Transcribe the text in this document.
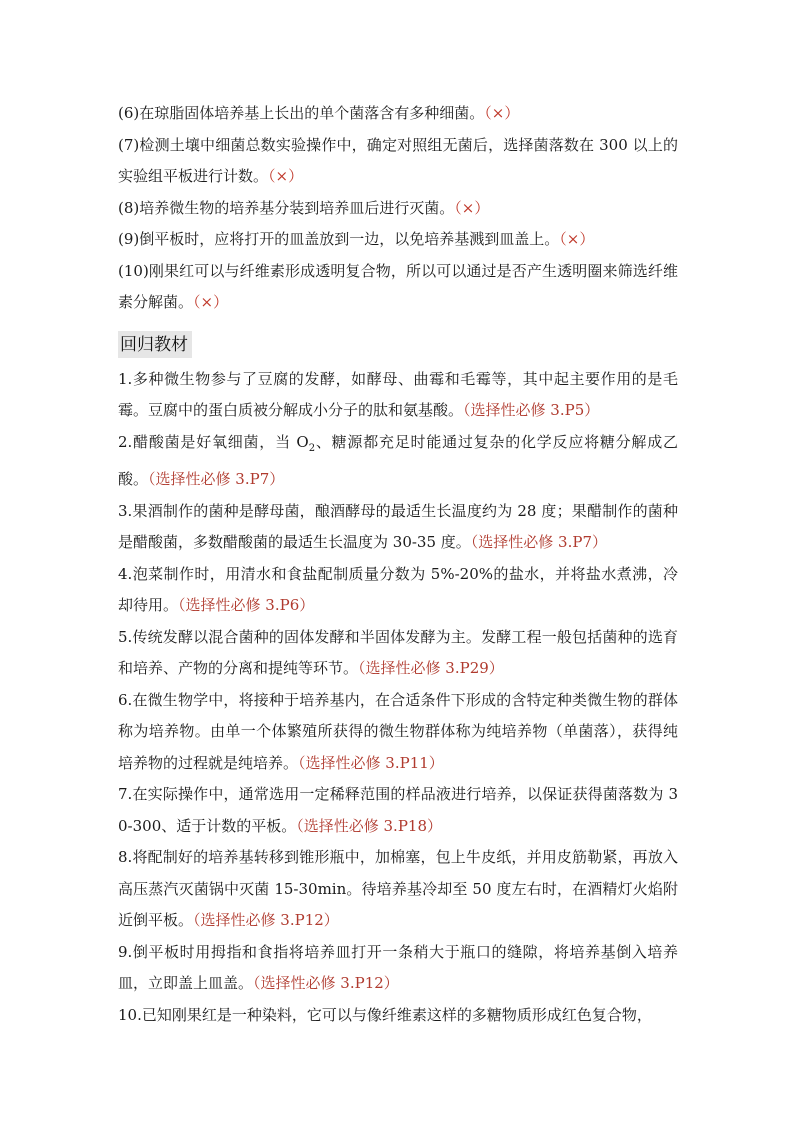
(6)在琼脂固体培养基上长出的单个菌落含有多种细菌。（×）

(7)检测土壤中细菌总数实验操作中，确定对照组无菌后，选择菌落数在 300 以上的实验组平板进行计数。（×）

(8)培养微生物的培养基分装到培养皿后进行灭菌。（×）

(9)倒平板时，应将打开的皿盖放到一边，以免培养基溅到皿盖上。（×）

(10)刚果红可以与纤维素形成透明复合物，所以可以通过是否产生透明圈来筛选纤维素分解菌。（×）

回归教材

1.多种微生物参与了豆腐的发酵，如酵母、曲霉和毛霉等，其中起主要作用的是毛霉。豆腐中的蛋白质被分解成小分子的肽和氨基酸。（选择性必修 3.P5）

2.醋酸菌是好氧细菌，当 $O_2$、糖源都充足时能通过复杂的化学反应将糖分解成乙酸。（选择性必修 3.P7）

3.果酒制作的菌种是酵母菌，酿酒酵母的最适生长温度约为 28 度；果醋制作的菌种是醋酸菌，多数醋酸菌的最适生长温度为 30-35 度。（选择性必修 3.P7）

4.泡菜制作时，用清水和食盐配制质量分数为 5%-20%的盐水，并将盐水煮沸，冷却待用。（选择性必修 3.P6）

5.传统发酵以混合菌种的固体发酵和半固体发酵为主。发酵工程一般包括菌种的选育和培养、产物的分离和提纯等环节。（选择性必修 3.P29）

6.在微生物学中，将接种于培养基内，在合适条件下形成的含特定种类微生物的群体称为培养物。由单一个体繁殖所获得的微生物群体称为纯培养物（单菌落），获得纯培养物的过程就是纯培养。（选择性必修 3.P11）

7.在实际操作中，通常选用一定稀释范围的样品液进行培养，以保证获得菌落数为 30-300、适于计数的平板。（选择性必修 3.P18）

8.将配制好的培养基转移到锥形瓶中，加棉塞，包上牛皮纸，并用皮筋勒紧，再放入高压蒸汽灭菌锅中灭菌 15-30min。待培养基冷却至 50 度左右时，在酒精灯火焰附近倒平板。（选择性必修 3.P12）

9.倒平板时用拇指和食指将培养皿打开一条稍大于瓶口的缝隙，将培养基倒入培养皿，立即盖上皿盖。（选择性必修 3.P12）

10.已知刚果红是一种染料，它可以与像纤维素这样的多糖物质形成红色复合物，
